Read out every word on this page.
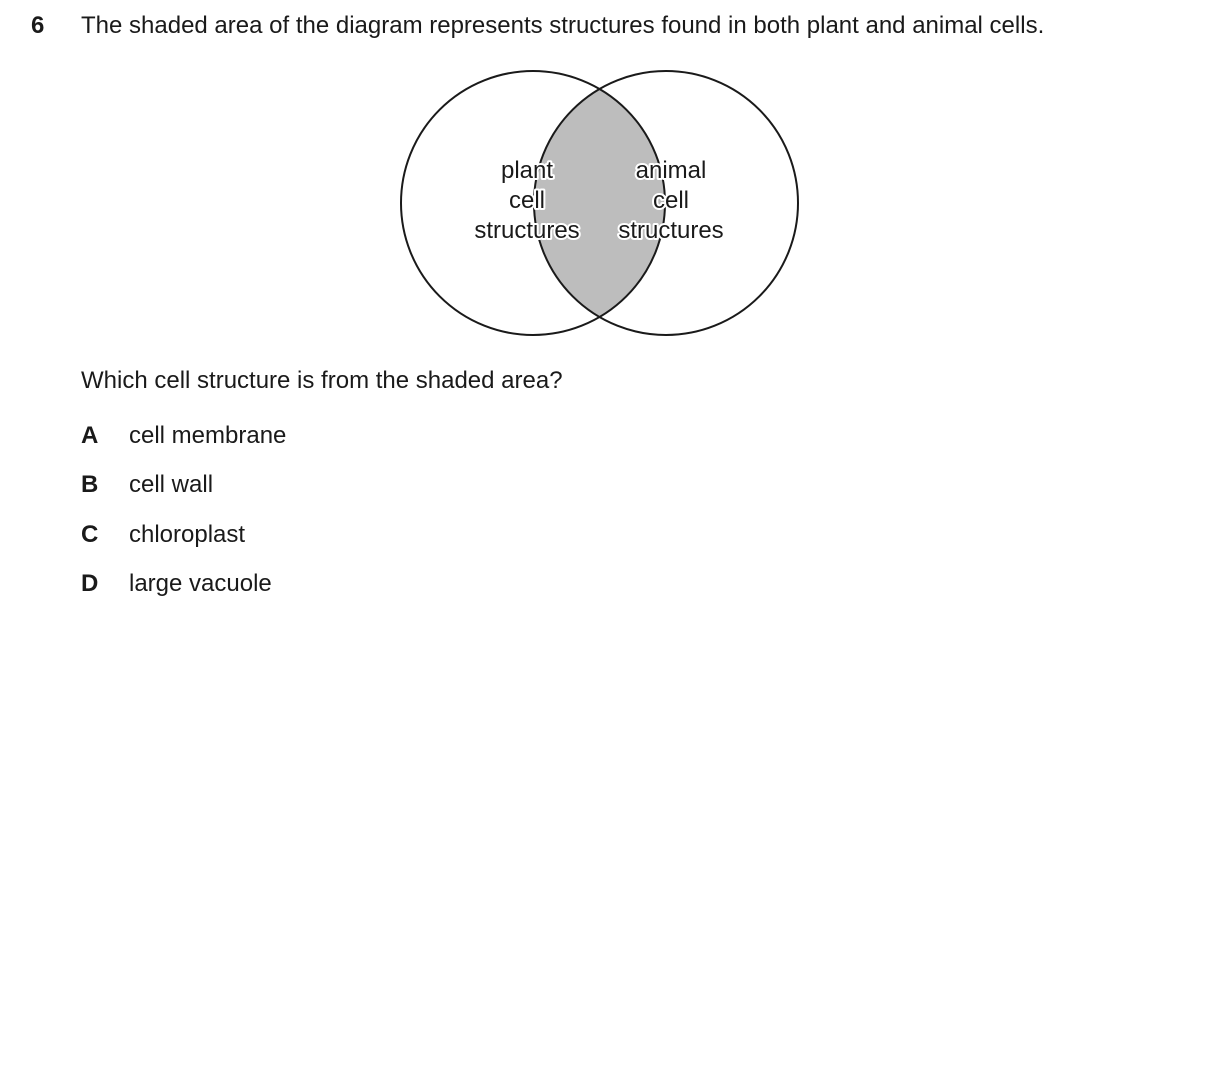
6 The shaded area of the diagram represents structures found in both plant and animal cells.
plant
cell
structures
animal
cell
structures
Which cell structure is from the shaded area?
A cell membrane
B cell wall
C chloroplast
D large vacuole
